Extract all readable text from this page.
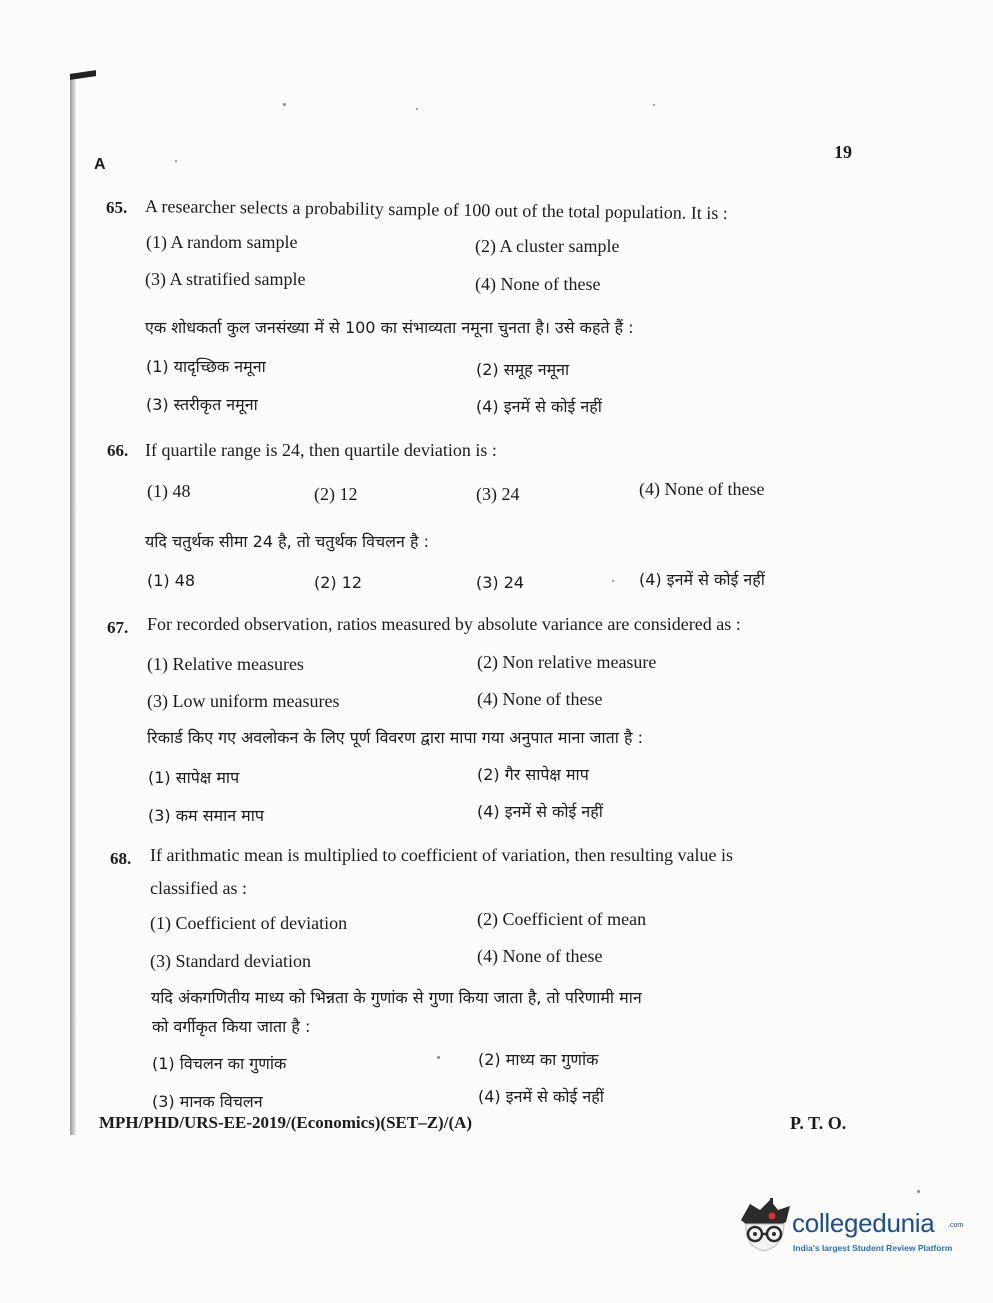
A
19
65. A researcher selects a probability sample of 100 out of the total population. It is :
(1) A random sample	(2) A cluster sample
(3) A stratified sample	(4) None of these
एक शोधकर्ता कुल जनसंख्या में से 100 का संभाव्यता नमूना चुनता है। उसे कहते हैं :
(1) यादृच्छिक नमूना	(2) समूह नमूना
(3) स्तरीकृत नमूना	(4) इनमें से कोई नहीं
66. If quartile range is 24, then quartile deviation is :
(1) 48	(2) 12	(3) 24	(4) None of these
यदि चतुर्थक सीमा 24 है, तो चतुर्थक विचलन है :
(1) 48	(2) 12	(3) 24	(4) इनमें से कोई नहीं
67. For recorded observation, ratios measured by absolute variance are considered as :
(1) Relative measures	(2) Non relative measure
(3) Low uniform measures	(4) None of these
रिकार्ड किए गए अवलोकन के लिए पूर्ण विवरण द्वारा मापा गया अनुपात माना जाता है :
(1) सापेक्ष माप	(2) गैर सापेक्ष माप
(3) कम समान माप	(4) इनमें से कोई नहीं
68. If arithmatic mean is multiplied to coefficient of variation, then resulting value is
classified as :
(1) Coefficient of deviation	(2) Coefficient of mean
(3) Standard deviation	(4) None of these
यदि अंकगणितीय माध्य को भिन्नता के गुणांक से गुणा किया जाता है, तो परिणामी मान
को वर्गीकृत किया जाता है :
(1) विचलन का गुणांक	(2) माध्य का गुणांक
(3) मानक विचलन	(4) इनमें से कोई नहीं
MPH/PHD/URS-EE-2019/(Economics)(SET–Z)/(A)	P. T. O.
collegedunia .com
India's largest Student Review Platform
